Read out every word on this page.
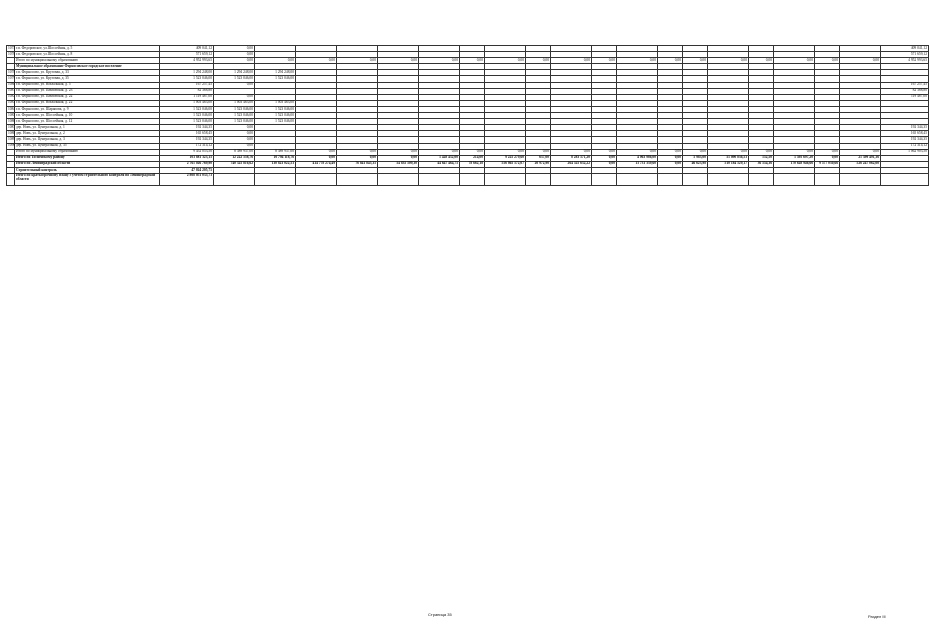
1075	г.п. Федоровское, ул.Шоссейная, д. 5	409 041,12	0,00																			409 041,12
1076	г.п. Федоровское, ул.Шоссейная, д. 8	571 659,12	0,00																			571 659,12
	Итого по муниципальному образованию	4 952 993,65	0,00	0,00	0,00	0,00	0,00	0,00	0,00	0,00	0,00	0,00	0,00	0,00	0,00	0,00	0,00	0,00	0,00	0,00	0,00	4 952 993,65
	Муниципальное образование Форносовское городское поселение																					
1078	г.п. Форносово, ул. Круговая, д. 33	1 294 248,00	1 294 248,00	1 294 248,00																		
1079	г.п. Форносово, ул. Круговая, д. 35	1 523 046,00	1 523 046,00	1 523 046,00																		
1080	г.п. Форносово, ул. Вокзальная, д. 5	167 257,45	0,00																			167 257,45
1081	г.п. Форносово, ул. Павловская, д. 23	82 368,80																				82 368,80
1082	г.п. Форносово, ул. Павловская, д. 22	1 119 487,00	0,00																			119 487,00
1083	г.п. Форносово, ул. Вокзальная, д. 22	1 003 463,00	1 003 463,00	1 003 463,00																		
1084	г.п. Форносово, ул. Шарапова, д. 9	1 523 046,00	1 523 046,00	1 523 046,00																		
1085	г.п. Форносово, ул. Шоссейная, д. 10	1 523 046,00	1 523 046,00	1 523 046,00																		
1086	г.п. Форносово, ул. Шоссейная, д. 12	1 523 046,00	1 523 046,00	1 523 046,00																		
1087	дер. Новь, ул. Центральная, д. 1	192 344,35	0,00																			192 344,35
1088	дер. Новь, ул. Центральная, д. 2	165 658,45	0,00																			165 658,45
1089	дер. Новь, ул. Центральная, д. 3	192 344,35	0,00																			192 344,35
1090	дер. Новь, ул. Центральная, д. 35	172 314,12	0,00																			172 314,12
	Итого по муниципальному образованию	9 452 053,50	8 389 937,00	8 389 937,00	0,00	0,00	0,00	0,00	0,00	0,00	0,00	0,00	0,00	0,00	0,00	0,00	0,00	0,00	0,00	0,00	0,00	1 062 903,50
	Итого по Тосненскому району	103 881 323,15	12 222 558,76	10 794 118,76	0,00	0,00	0,00	1 428 432,00	214,00	9 225 279,60	637,00	8 283 571,20	0,00	4 063 986,00	0,00	5 983,00	51 090 836,53	152,50	1 595 697,20	0,00	21 399 491,36	
	Итого по Ленинградской области	2 761 026 769,90	740 325 816,62	130 823 022,53	414 778 274,49	76 841 845,35	54 835 509,30	44 647 464,75	78 662,18	556 865 572,07	20 972,90	264 525 632,22	0,00	13 731 339,60	0,00	46 623,98	510 184 529,17	36 554,36	170 628 946,66	9 577 030,66	526 247 062,00	
	Строительный контроль	47 024 205,75																				
	Итого по краткосрочному плану с учетом строительного контроля по Ленинградской области	2 808 051 035,73																				
Страница 35	Раздел III
